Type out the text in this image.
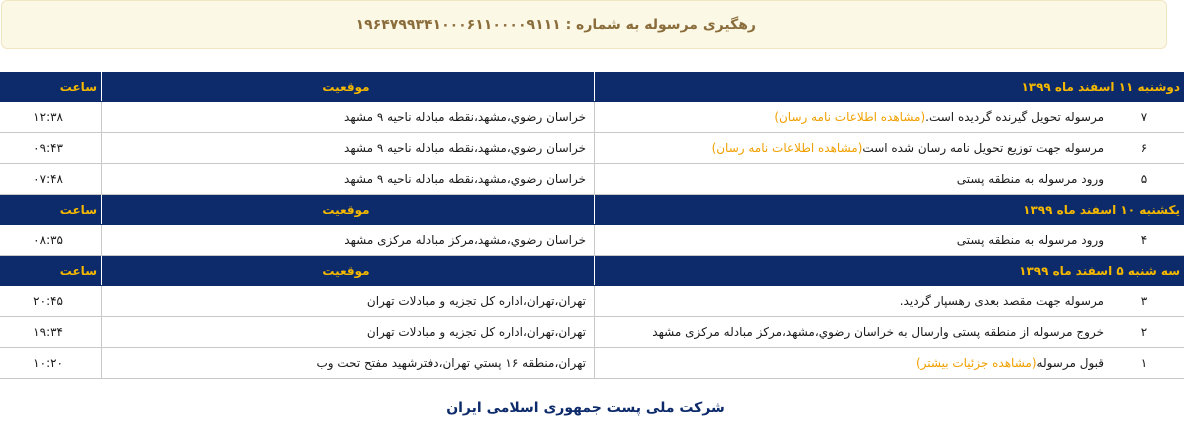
رهگیری مرسوله به شماره : ۱۹۶۴۷۹۹۳۴۱۰۰۰۶۱۱۰۰۰۰۹۱۱۱
دوشنبه ۱۱ اسفند ماه ۱۳۹۹	موقعیت	ساعت
۷مرسوله تحویل گیرنده گردیده است.(مشاهده اطلاعات نامه رسان)	خراسان رضوي،مشهد،نقطه مبادله ناحيه ۹ مشهد	۱۲:۳۸
۶مرسوله جهت توزیع تحویل نامه رسان شده است(مشاهده اطلاعات نامه رسان)	خراسان رضوي،مشهد،نقطه مبادله ناحيه ۹ مشهد	۰۹:۴۳
۵ورود مرسوله به منطقه پستی	خراسان رضوي،مشهد،نقطه مبادله ناحيه ۹ مشهد	۰۷:۴۸
یکشنبه ۱۰ اسفند ماه ۱۳۹۹	موقعیت	ساعت
۴ورود مرسوله به منطقه پستی	خراسان رضوي،مشهد،مرکز مبادله مرکزی مشهد	۰۸:۳۵
سه شنبه ۵ اسفند ماه ۱۳۹۹	موقعیت	ساعت
۳مرسوله جهت مقصد بعدی رهسپار گردید.	تهران،تهران،اداره کل تجزيه و مبادلات تهران	۲۰:۴۵
۲خروج مرسوله از منطقه پستی وارسال به خراسان رضوي،مشهد،مرکز مبادله مرکزی مشهد	تهران،تهران،اداره کل تجزيه و مبادلات تهران	۱۹:۳۴
۱قبول مرسوله(مشاهده جزئیات بیشتر)	تهران،منطقه ۱۶ پستي تهران،دفترشهيد مفتح تحت وب	۱۰:۲۰
شرکت ملی پست جمهوری اسلامی ایران
